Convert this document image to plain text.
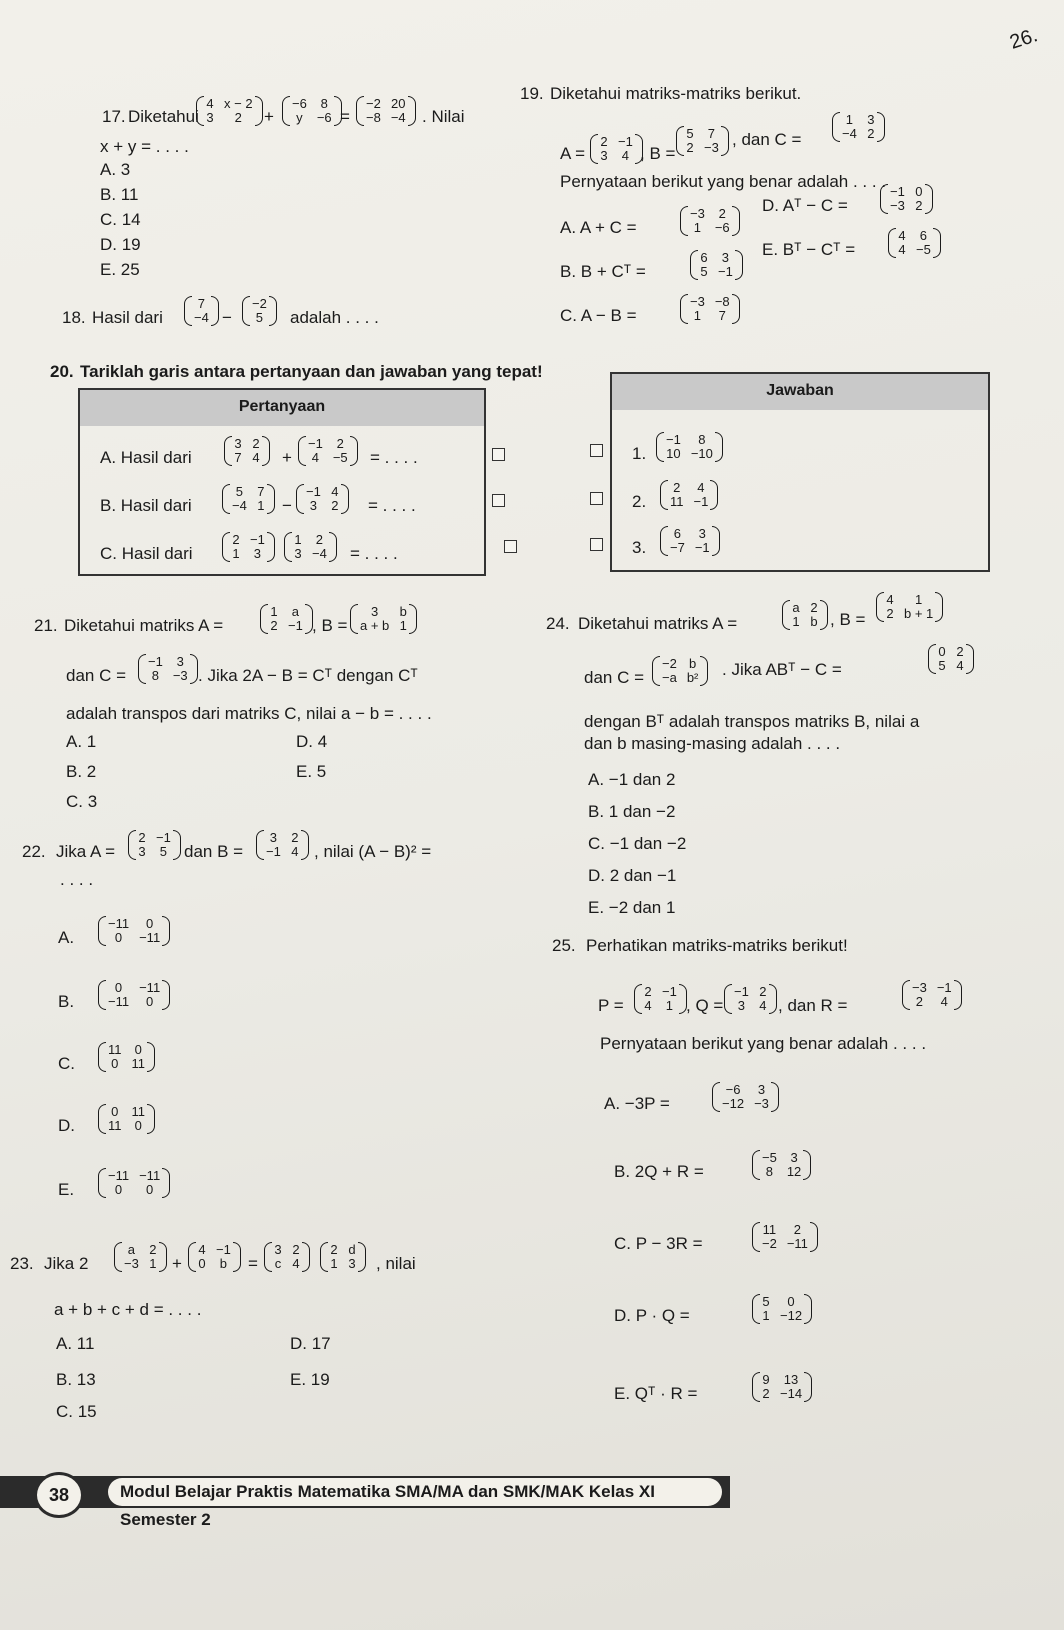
26.
17. Diketahui
4 x − 2
3	2	+
−6 8
y	−6 =
−2 20
−8 −4 . Nilai
x + y = . . . .
A. 3
B. 11
C. 14
D. 19
E. 25
18. Hasil dari
7
−4 −
−2
5 adalah . . . .
19. Diketahui matriks-matriks berikut.
A =
2 −1
3 4 , B =
5 7
2 −3 , dan C =
1 3
−4 2
Pernyataan berikut yang benar adalah . . . .
A. A + C =
−3 2
1 −6
B. B + Cᵀ =
6 3
5 −1
C. A − B =
−3 −8
1 7
D. Aᵀ − C =
−1 0
−3 2
E. Bᵀ − Cᵀ =
4 6
4 −5
20. Tariklah garis antara pertanyaan dan jawaban yang tepat!
Pertanyaan
Jawaban
A. Hasil dari
3 2
7 4 +
−1 2
4 −5 = . . . .
B. Hasil dari
5 7
−4 1 −
−1 4
3 2 = . . . .
C. Hasil dari
2 −1
1 3
1 2
3 −4 = . . . .
1.
−1	8
10 −10
2.
2 4
11 −1
3.
6 3
−7 −1
21. Diketahui matriks A =
1 a
2 −1 , B =
3	b
a + b 1
dan C =
−1 3
8 −3 . Jika 2A − B = Cᵀ dengan Cᵀ
adalah transpos dari matriks C, nilai a − b = . . . .
A. 1
B. 2
C. 3
D. 4
E. 5
22. Jika A =
2 −1
3 5 dan B =
3 2
−1 4 , nilai (A − B)² =
. . . .
A.
−11	0
0	−11
B.
0	−11
−11	0
C.
11 0
0 11
D.
0 11
11 0
E.
−11 −11
0	0
23. Jika 2
a 2
−3 1 +
4 −1
0 b =
3 2
c 4
2 d
1 3 , nilai
a + b + c + d = . . . .
A. 11
B. 13
C. 15
D. 17
E. 19
24. Diketahui matriks A =
a 2
1 b , B =
4	1
2 b + 1
dan C =
−2 b
−a b² . Jika ABᵀ − C =
0 2
5 4
dengan Bᵀ adalah transpos matriks B, nilai a
dan b masing-masing adalah . . . .
A. −1 dan 2
B. 1 dan −2
C. −1 dan −2
D. 2 dan −1
E. −2 dan 1
25. Perhatikan matriks-matriks berikut!
P =
2 −1
4 1 , Q =
−1 2
3 4 , dan R =
−3 −1
2 4
Pernyataan berikut yang benar adalah . . . .
A. −3P =
−6 3
−12 −3
B. 2Q + R =
−5 3
8 12
C. P − 3R =
11	2
−2 −11
D. P · Q =
5	0
1 −12
E. Qᵀ · R =
9 13
2 −14
38	Modul Belajar Praktis Matematika SMA/MA dan SMK/MAK Kelas XI Semester 2
